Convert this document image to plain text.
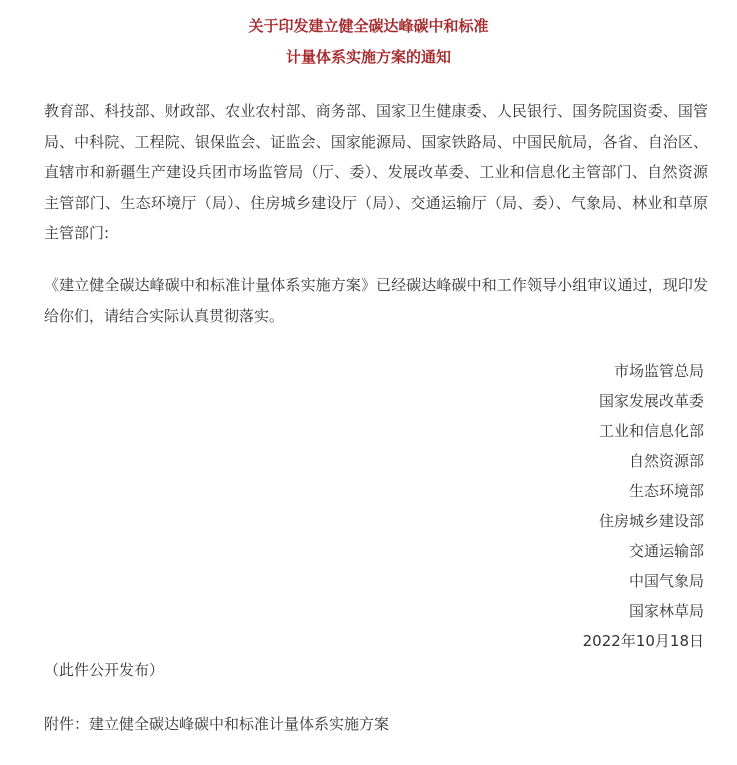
关于印发建立健全碳达峰碳中和标准
计量体系实施方案的通知
教育部、科技部、财政部、农业农村部、商务部、国家卫生健康委、人民银行、国务院国资委、国管局、中科院、工程院、银保监会、证监会、国家能源局、国家铁路局、中国民航局，各省、自治区、直辖市和新疆生产建设兵团市场监管局（厅、委）、发展改革委、工业和信息化主管部门、自然资源主管部门、生态环境厅（局）、住房城乡建设厅（局）、交通运输厅（局、委）、气象局、林业和草原主管部门:
《建立健全碳达峰碳中和标准计量体系实施方案》已经碳达峰碳中和工作领导小组审议通过，现印发给你们，请结合实际认真贯彻落实。
市场监管总局
国家发展改革委
工业和信息化部
自然资源部
生态环境部
住房城乡建设部
交通运输部
中国气象局
国家林草局
2022年10月18日
（此件公开发布）
附件：建立健全碳达峰碳中和标准计量体系实施方案
